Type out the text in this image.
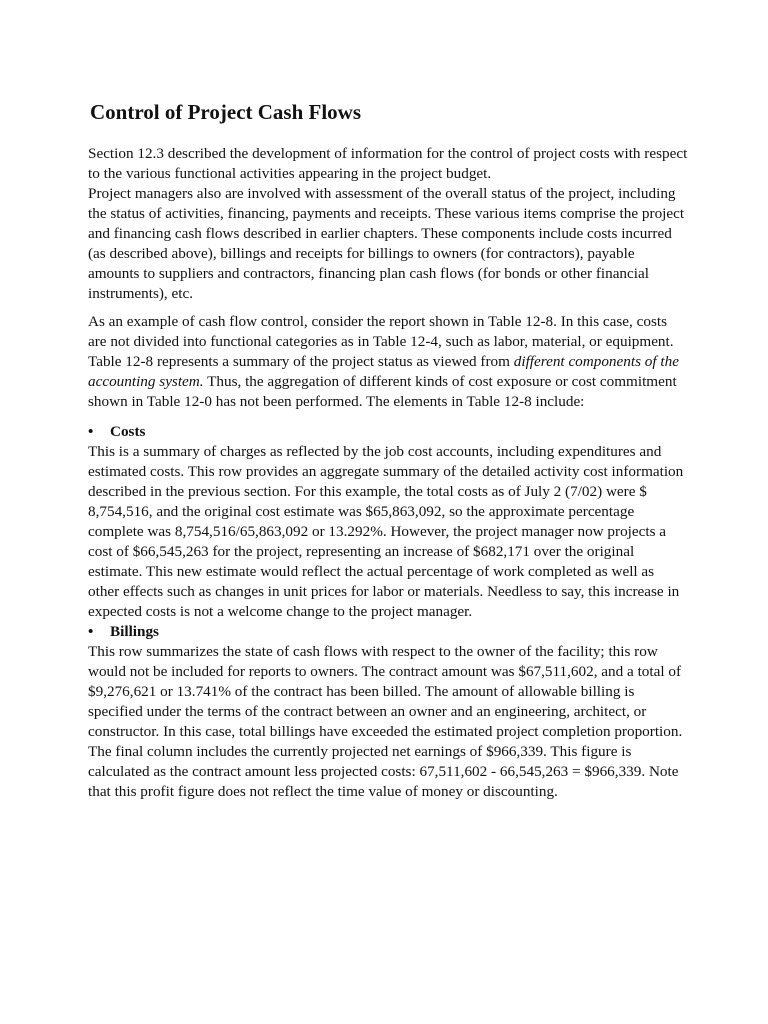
Control of Project Cash Flows

Section 12.3 described the development of information for the control of project costs with respect to the various functional activities appearing in the project budget.

Project managers also are involved with assessment of the overall status of the project, including the status of activities, financing, payments and receipts. These various items comprise the project and financing cash flows described in earlier chapters. These components include costs incurred (as described above), billings and receipts for billings to owners (for contractors), payable amounts to suppliers and contractors, financing plan cash flows (for bonds or other financial instruments), etc.

As an example of cash flow control, consider the report shown in Table 12-8. In this case, costs are not divided into functional categories as in Table 12-4, such as labor, material, or equipment. Table 12-8 represents a summary of the project status as viewed from different components of the accounting system. Thus, the aggregation of different kinds of cost exposure or cost commitment shown in Table 12-0 has not been performed. The elements in Table 12-8 include:

•	Costs

This is a summary of charges as reflected by the job cost accounts, including expenditures and estimated costs. This row provides an aggregate summary of the detailed activity cost information described in the previous section. For this example, the total costs as of July 2 (7/02) were $ 8,754,516, and the original cost estimate was $65,863,092, so the approximate percentage complete was 8,754,516/65,863,092 or 13.292%. However, the project manager now projects a cost of $66,545,263 for the project, representing an increase of $682,171 over the original estimate. This new estimate would reflect the actual percentage of work completed as well as other effects such as changes in unit prices for labor or materials. Needless to say, this increase in expected costs is not a welcome change to the project manager.

•	Billings

This row summarizes the state of cash flows with respect to the owner of the facility; this row would not be included for reports to owners. The contract amount was $67,511,602, and a total of $9,276,621 or 13.741% of the contract has been billed. The amount of allowable billing is specified under the terms of the contract between an owner and an engineering, architect, or constructor. In this case, total billings have exceeded the estimated project completion proportion. The final column includes the currently projected net earnings of $966,339. This figure is calculated as the contract amount less projected costs: 67,511,602 - 66,545,263 = $966,339. Note that this profit figure does not reflect the time value of money or discounting.
